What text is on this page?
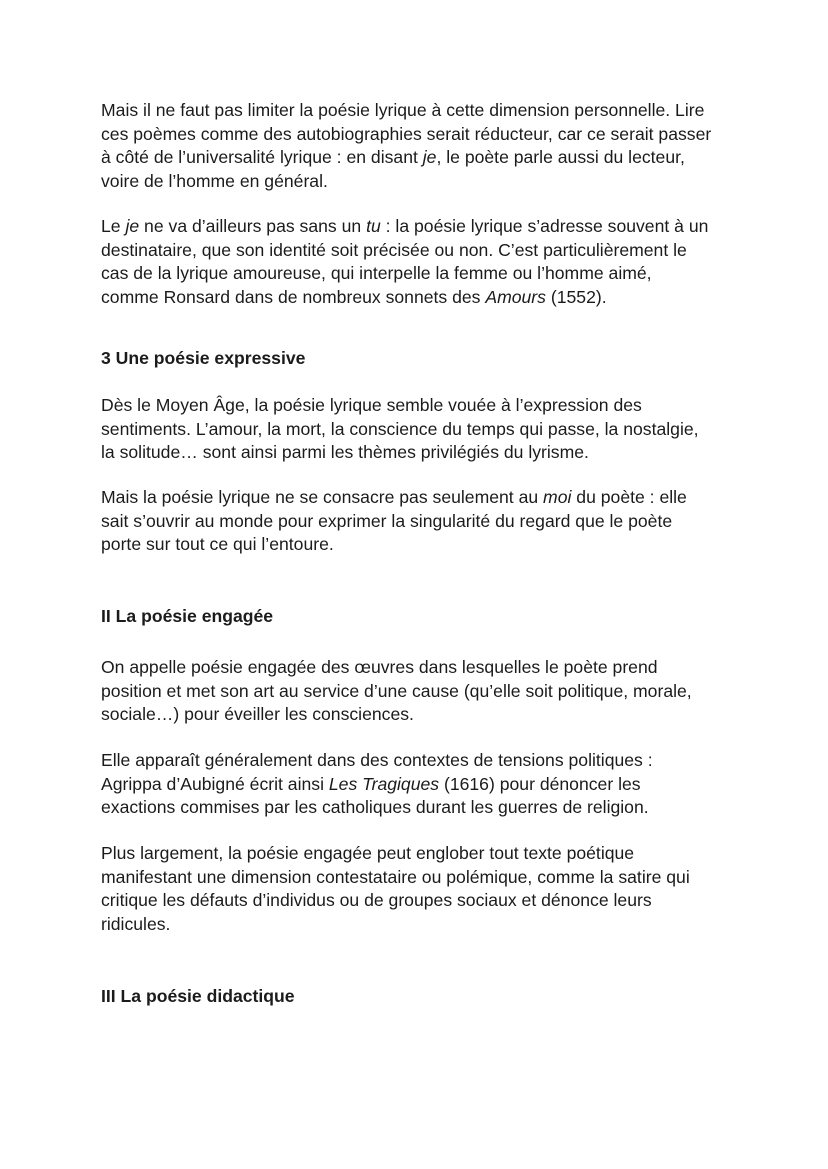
Mais il ne faut pas limiter la poésie lyrique à cette dimension personnelle. Lire
ces poèmes comme des autobiographies serait réducteur, car ce serait passer
à côté de l’universalité lyrique : en disant je, le poète parle aussi du lecteur,
voire de l’homme en général.
Le je ne va d’ailleurs pas sans un tu : la poésie lyrique s’adresse souvent à un
destinataire, que son identité soit précisée ou non. C’est particulièrement le
cas de la lyrique amoureuse, qui interpelle la femme ou l’homme aimé,
comme Ronsard dans de nombreux sonnets des Amours (1552).
3 Une poésie expressive
Dès le Moyen Âge, la poésie lyrique semble vouée à l’expression des
sentiments. L’amour, la mort, la conscience du temps qui passe, la nostalgie,
la solitude… sont ainsi parmi les thèmes privilégiés du lyrisme.
Mais la poésie lyrique ne se consacre pas seulement au moi du poète : elle
sait s’ouvrir au monde pour exprimer la singularité du regard que le poète
porte sur tout ce qui l’entoure.
II La poésie engagée
On appelle poésie engagée des œuvres dans lesquelles le poète prend
position et met son art au service d’une cause (qu’elle soit politique, morale,
sociale…) pour éveiller les consciences.
Elle apparaît généralement dans des contextes de tensions politiques :
Agrippa d’Aubigné écrit ainsi Les Tragiques (1616) pour dénoncer les
exactions commises par les catholiques durant les guerres de religion.
Plus largement, la poésie engagée peut englober tout texte poétique
manifestant une dimension contestataire ou polémique, comme la satire qui
critique les défauts d’individus ou de groupes sociaux et dénonce leurs
ridicules.
III La poésie didactique
